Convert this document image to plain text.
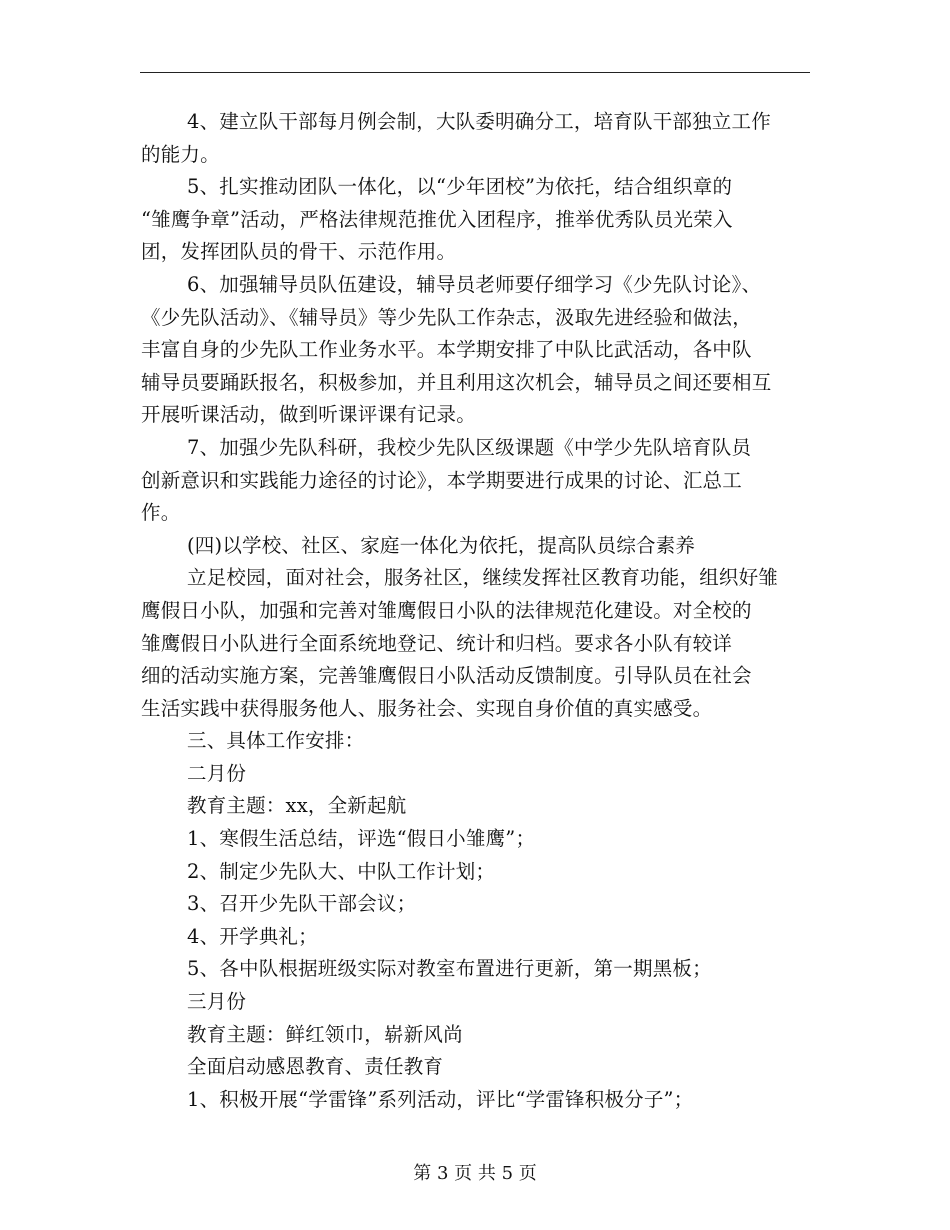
4、建立队干部每月例会制，大队委明确分工，培育队干部独立工作
的能力。
5、扎实推动团队一体化，以“少年团校”为依托，结合组织章的
“雏鹰争章”活动，严格法律规范推优入团程序，推举优秀队员光荣入
团，发挥团队员的骨干、示范作用。
6、加强辅导员队伍建设，辅导员老师要仔细学习《少先队讨论》、
《少先队活动》、《辅导员》等少先队工作杂志，汲取先进经验和做法，
丰富自身的少先队工作业务水平。本学期安排了中队比武活动，各中队
辅导员要踊跃报名，积极参加，并且利用这次机会，辅导员之间还要相互
开展听课活动，做到听课评课有记录。
7、加强少先队科研，我校少先队区级课题《中学少先队培育队员
创新意识和实践能力途径的讨论》，本学期要进行成果的讨论、汇总工
作。
(四)以学校、社区、家庭一体化为依托，提高队员综合素养
立足校园，面对社会，服务社区，继续发挥社区教育功能，组织好雏
鹰假日小队，加强和完善对雏鹰假日小队的法律规范化建设。对全校的
雏鹰假日小队进行全面系统地登记、统计和归档。要求各小队有较详
细的活动实施方案，完善雏鹰假日小队活动反馈制度。引导队员在社会
生活实践中获得服务他人、服务社会、实现自身价值的真实感受。
三、具体工作安排：
二月份
教育主题：xx，全新起航
1、寒假生活总结，评选“假日小雏鹰”；
2、制定少先队大、中队工作计划；
3、召开少先队干部会议；
4、开学典礼；
5、各中队根据班级实际对教室布置进行更新，第一期黑板；
三月份
教育主题：鲜红领巾，崭新风尚
全面启动感恩教育、责任教育
1、积极开展“学雷锋”系列活动，评比“学雷锋积极分子”；
第 3 页 共 5 页
